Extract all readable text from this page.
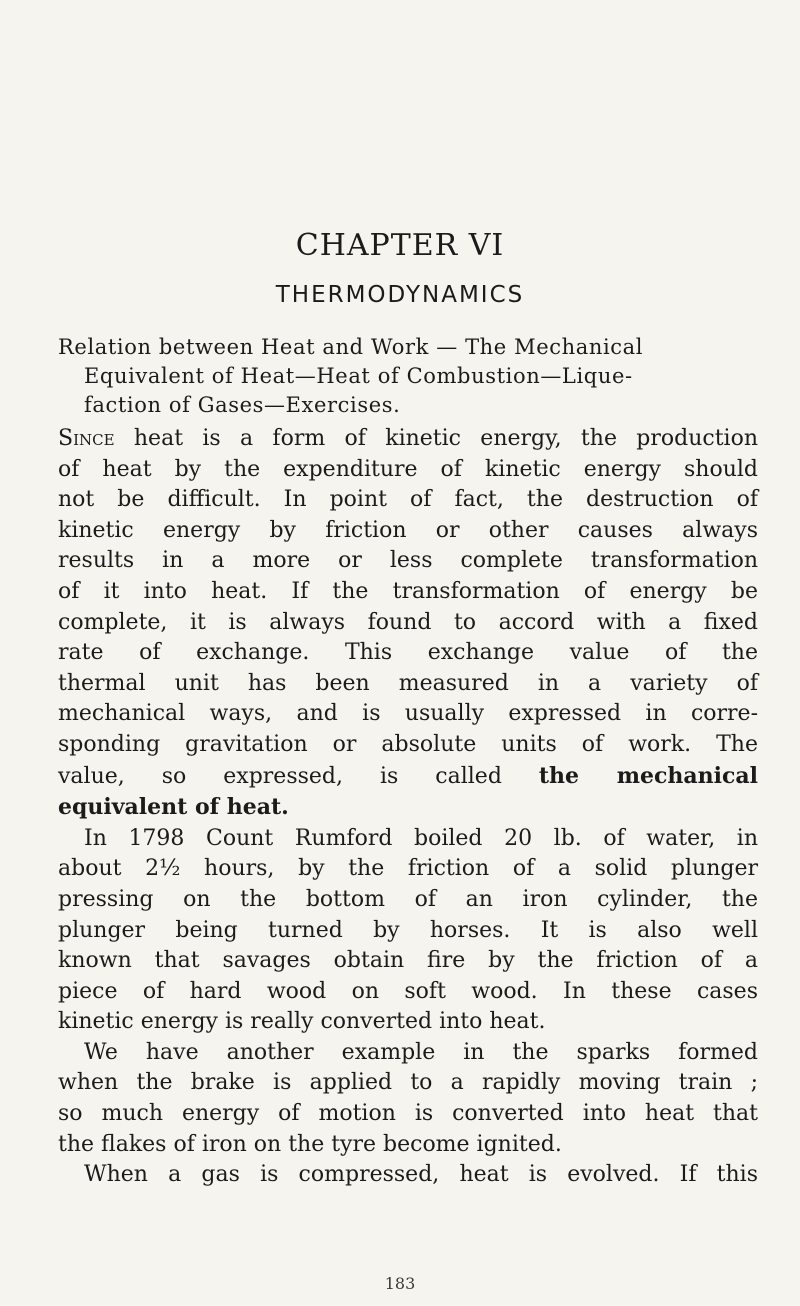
CHAPTER VI
THERMODYNAMICS
Relation between Heat and Work — The Mechanical
Equivalent of Heat—Heat of Combustion—Lique-
faction of Gases—Exercises.
Since heat is a form of kinetic energy, the production
of heat by the expenditure of kinetic energy should
not be difficult. In point of fact, the destruction of
kinetic energy by friction or other causes always
results in a more or less complete transformation
of it into heat. If the transformation of energy be
complete, it is always found to accord with a fixed
rate of exchange. This exchange value of the
thermal unit has been measured in a variety of
mechanical ways, and is usually expressed in corre-
sponding gravitation or absolute units of work. The
value, so expressed, is called the mechanical
equivalent of heat.
In 1798 Count Rumford boiled 20 lb. of water, in
about 2½ hours, by the friction of a solid plunger
pressing on the bottom of an iron cylinder, the
plunger being turned by horses. It is also well
known that savages obtain fire by the friction of a
piece of hard wood on soft wood. In these cases
kinetic energy is really converted into heat.
We have another example in the sparks formed
when the brake is applied to a rapidly moving train ;
so much energy of motion is converted into heat that
the flakes of iron on the tyre become ignited.
When a gas is compressed, heat is evolved. If this
183
